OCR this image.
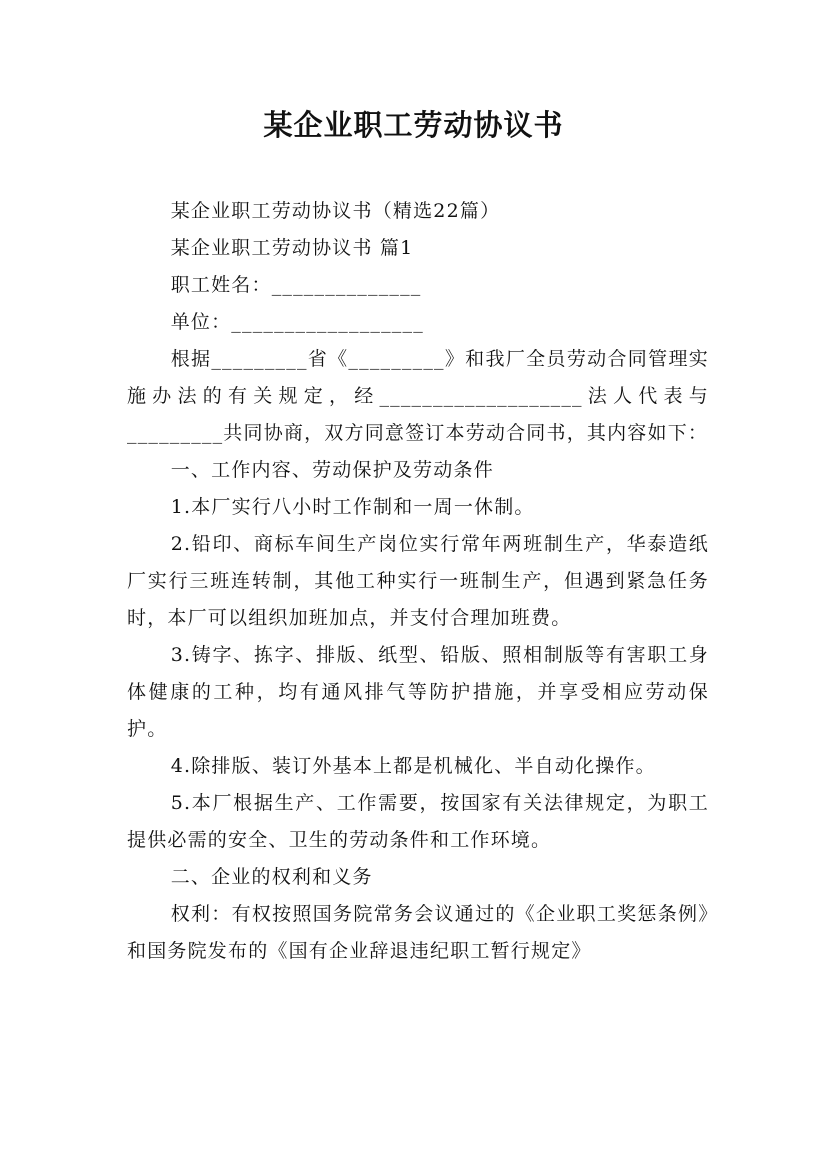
某企业职工劳动协议书

某企业职工劳动协议书（精选22篇）

某企业职工劳动协议书 篇1

职工姓名：______________

单位：__________________

根据_________省《_________》和我厂全员劳动合同管理实施办法的有关规定，经___________________法人代表与_________共同协商，双方同意签订本劳动合同书，其内容如下：

一、工作内容、劳动保护及劳动条件

1.本厂实行八小时工作制和一周一休制。

2.铅印、商标车间生产岗位实行常年两班制生产，华泰造纸厂实行三班连转制，其他工种实行一班制生产，但遇到紧急任务时，本厂可以组织加班加点，并支付合理加班费。

3.铸字、拣字、排版、纸型、铅版、照相制版等有害职工身体健康的工种，均有通风排气等防护措施，并享受相应劳动保护。

4.除排版、装订外基本上都是机械化、半自动化操作。

5.本厂根据生产、工作需要，按国家有关法律规定，为职工提供必需的安全、卫生的劳动条件和工作环境。

二、企业的权利和义务

权利：有权按照国务院常务会议通过的《企业职工奖惩条例》和国务院发布的《国有企业辞退违纪职工暂行规定》
